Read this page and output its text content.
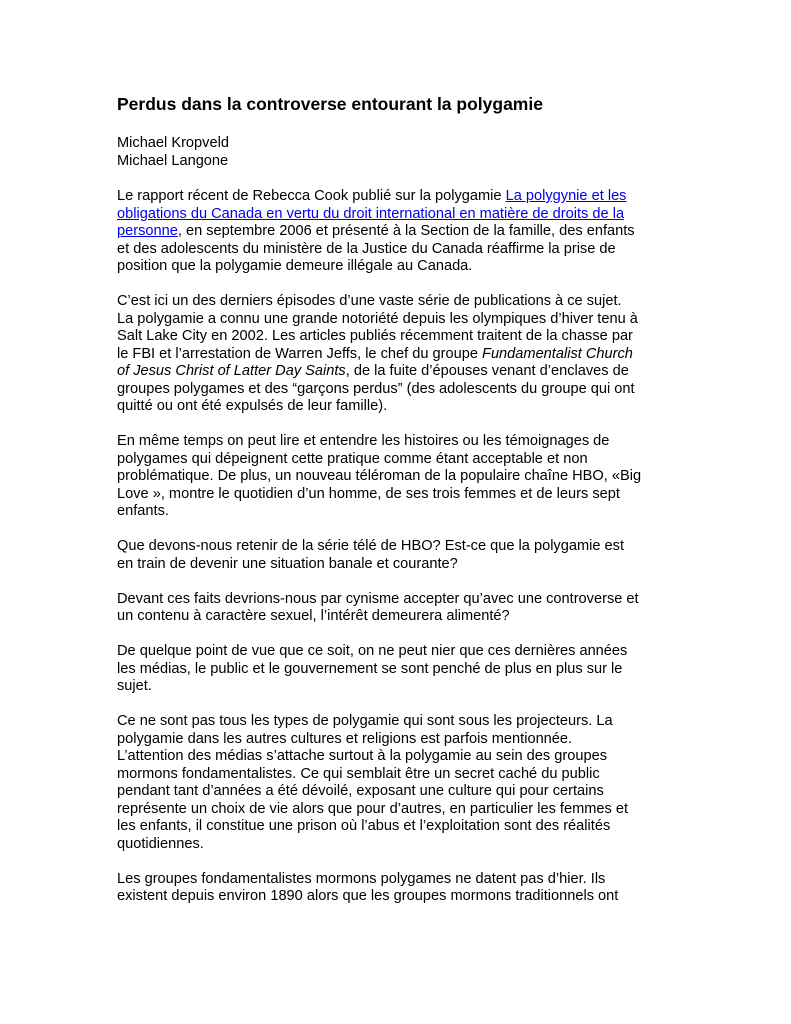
Perdus dans la controverse entourant la polygamie
Michael Kropveld
Michael Langone

Le rapport récent de Rebecca Cook publié sur la polygamie La polygynie et les
obligations du Canada en vertu du droit international en matière de droits de la
personne, en septembre 2006 et présenté à la Section de la famille, des enfants
et des adolescents du ministère de la Justice du Canada réaffirme la prise de
position que la polygamie demeure illégale au Canada.

C’est ici un des derniers épisodes d’une vaste série de publications à ce sujet.
La polygamie a connu une grande notoriété depuis les olympiques d’hiver tenu à
Salt Lake City en 2002. Les articles publiés récemment traitent de la chasse par
le FBI et l’arrestation de Warren Jeffs, le chef du groupe Fundamentalist Church
of Jesus Christ of Latter Day Saints, de la fuite d’épouses venant d’enclaves de
groupes polygames et des “garçons perdus” (des adolescents du groupe qui ont
quitté ou ont été expulsés de leur famille).

En même temps on peut lire et entendre les histoires ou les témoignages de
polygames qui dépeignent cette pratique comme étant acceptable et non
problématique. De plus, un nouveau téléroman de la populaire chaîne HBO, «Big
Love », montre le quotidien d’un homme, de ses trois femmes et de leurs sept
enfants.

Que devons-nous retenir de la série télé de HBO? Est-ce que la polygamie est
en train de devenir une situation banale et courante?

Devant ces faits devrions-nous par cynisme accepter qu’avec une controverse et
un contenu à caractère sexuel, l’intérêt demeurera alimenté?

De quelque point de vue que ce soit, on ne peut nier que ces dernières années
les médias, le public et le gouvernement se sont penché de plus en plus sur le
sujet.

Ce ne sont pas tous les types de polygamie qui sont sous les projecteurs. La
polygamie dans les autres cultures et religions est parfois mentionnée.
L’attention des médias s’attache surtout à la polygamie au sein des groupes
mormons fondamentalistes. Ce qui semblait être un secret caché du public
pendant tant d’années a été dévoilé, exposant une culture qui pour certains
représente un choix de vie alors que pour d’autres, en particulier les femmes et
les enfants, il constitue une prison où l’abus et l’exploitation sont des réalités
quotidiennes.

Les groupes fondamentalistes mormons polygames ne datent pas d’hier. Ils
existent depuis environ 1890 alors que les groupes mormons traditionnels ont
